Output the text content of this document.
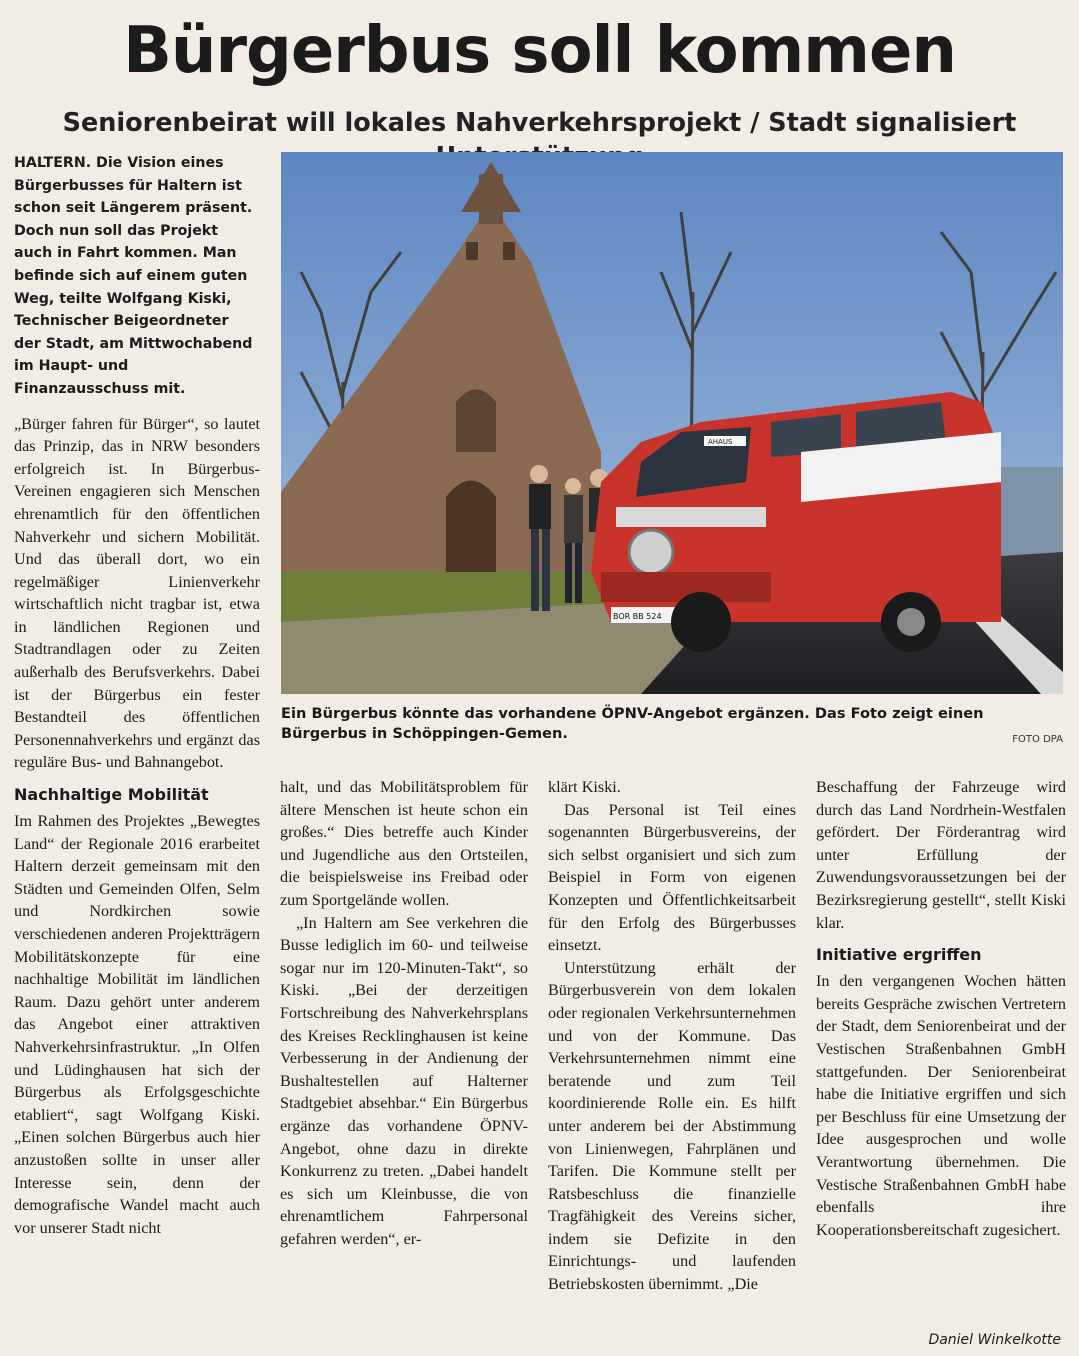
Bürgerbus soll kommen
Seniorenbeirat will lokales Nahverkehrsprojekt / Stadt signalisiert

HALTERN. Die Vision eines Bürgerbusses für Haltern ist schon seit Längerem präsent. Doch nun soll das Projekt auch in Fahrt kommen. Man befinde sich auf einem guten Weg, teilte Wolfgang Kiski, Technischer Beigeordneter der Stadt, am Mittwochabend im Haupt- und Finanzausschuss mit.

„Bürger fahren für Bürger“, so lautet das Prinzip, das in NRW besonders erfolgreich ist. In Bürgerbus-Vereinen engagieren sich Menschen ehrenamtlich für den öffentlichen Nahverkehr und sichern Mobilität. Und das überall dort, wo ein regelmäßiger Linienverkehr wirtschaftlich nicht tragbar ist, etwa in ländlichen Regionen und Stadtrandlagen oder zu Zeiten außerhalb des Berufsverkehrs. Dabei ist der Bürgerbus ein fester Bestandteil des öffentlichen Personennahverkehrs und ergänzt das reguläre Bus- und Bahnangebot.

Nachhaltige Mobilität

Im Rahmen des Projektes „Bewegtes Land“ der Regionale 2016 erarbeitet Haltern derzeit gemeinsam mit den Städten und Gemeinden Olfen, Selm und Nordkirchen sowie verschiedenen anderen Projektträgern Mobilitätskonzepte für eine nachhaltige Mobilität im ländlichen Raum. Dazu gehört unter anderem das Angebot einer attraktiven Nahverkehrsinfrastruktur. „In Olfen und Lüdinghausen hat sich der Bürgerbus als Erfolgsgeschichte etabliert“, sagt Wolfgang Kiski. „Einen solchen Bürgerbus auch hier anzustoßen sollte in unser aller Interesse sein, denn der demografische Wandel macht auch vor unserer Stadt nicht

AHAUS
BOR BB 524
Ein Bürgerbus könnte das vorhandene ÖPNV-Angebot ergänzen. Das Foto zeigt einen Bürgerbus in Schöppingen-Gemen.	FOTO DPA

halt, und das Mobilitätsproblem für ältere Menschen ist heute schon ein großes.“ Dies betreffe auch Kinder und Jugendliche aus den Ortsteilen, die beispielsweise ins Freibad oder zum Sportgelände wollen.

„In Haltern am See verkehren die Busse lediglich im 60- und teilweise sogar nur im 120-Minuten-Takt“, so Kiski. „Bei der derzeitigen Fortschreibung des Nahverkehrsplans des Kreises Recklinghausen ist keine Verbesserung in der Andienung der Bushaltestellen auf Halterner Stadtgebiet absehbar.“ Ein Bürgerbus ergänze das vorhandene ÖPNV-Angebot, ohne dazu in direkte Konkurrenz zu treten. „Dabei handelt es sich um Kleinbusse, die von ehrenamtlichem Fahrpersonal gefahren werden“, er-

klärt Kiski.

Das Personal ist Teil eines sogenannten Bürgerbusvereins, der sich selbst organisiert und sich zum Beispiel in Form von eigenen Konzepten und Öffentlichkeitsarbeit für den Erfolg des Bürgerbusses einsetzt.

Unterstützung erhält der Bürgerbusverein von dem lokalen oder regionalen Verkehrsunternehmen und von der Kommune. Das Verkehrsunternehmen nimmt eine beratende und zum Teil koordinierende Rolle ein. Es hilft unter anderem bei der Abstimmung von Linienwegen, Fahrplänen und Tarifen. Die Kommune stellt per Ratsbeschluss die finanzielle Tragfähigkeit des Vereins sicher, indem sie Defizite in den Einrichtungs- und laufenden Betriebskosten übernimmt. „Die

Beschaffung der Fahrzeuge wird durch das Land Nordrhein-Westfalen gefördert. Der Förderantrag wird unter Erfüllung der Zuwendungsvoraussetzungen bei der Bezirksregierung gestellt“, stellt Kiski klar.

Initiative ergriffen

In den vergangenen Wochen hätten bereits Gespräche zwischen Vertretern der Stadt, dem Seniorenbeirat und der Vestischen Straßenbahnen GmbH stattgefunden. Der Seniorenbeirat habe die Initiative ergriffen und sich per Beschluss für eine Umsetzung der Idee ausgesprochen und wolle Verantwortung übernehmen. Die Vestische Straßenbahnen GmbH habe ebenfalls ihre Kooperationsbereitschaft zugesichert.

Daniel Winkelkotte
